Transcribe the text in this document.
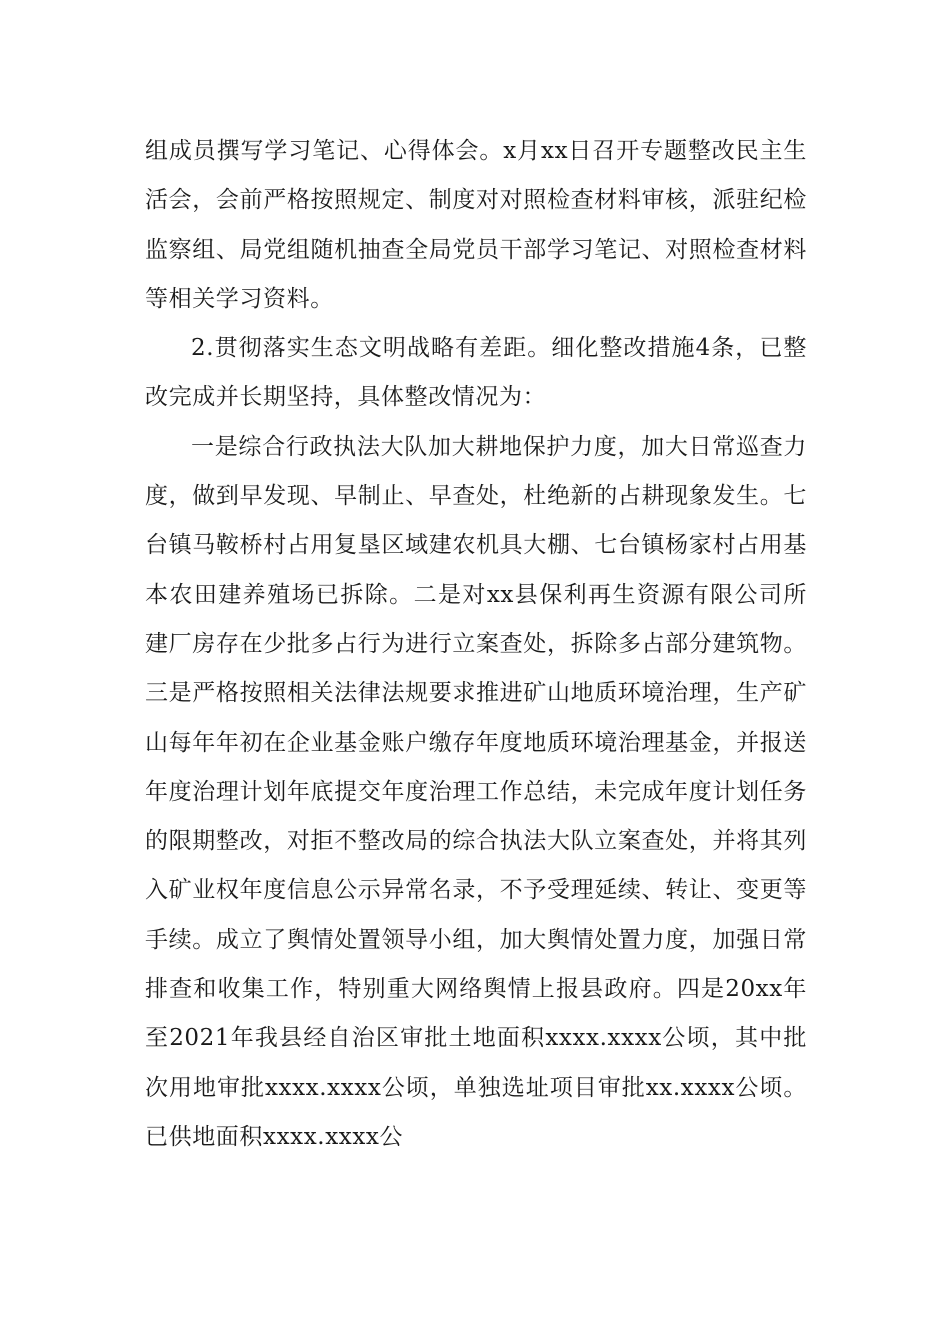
组成员撰写学习笔记、心得体会。x月xx日召开专题整改民主生活会，会前严格按照规定、制度对对照检查材料审核，派驻纪检监察组、局党组随机抽查全局党员干部学习笔记、对照检查材料等相关学习资料。

2.贯彻落实生态文明战略有差距。细化整改措施4条，已整改完成并长期坚持，具体整改情况为：

一是综合行政执法大队加大耕地保护力度，加大日常巡查力度，做到早发现、早制止、早查处，杜绝新的占耕现象发生。七台镇马鞍桥村占用复垦区域建农机具大棚、七台镇杨家村占用基本农田建养殖场已拆除。二是对xx县保利再生资源有限公司所建厂房存在少批多占行为进行立案查处，拆除多占部分建筑物。三是严格按照相关法律法规要求推进矿山地质环境治理，生产矿山每年年初在企业基金账户缴存年度地质环境治理基金，并报送年度治理计划年底提交年度治理工作总结，未完成年度计划任务的限期整改，对拒不整改局的综合执法大队立案查处，并将其列入矿业权年度信息公示异常名录，不予受理延续、转让、变更等手续。成立了舆情处置领导小组，加大舆情处置力度，加强日常排查和收集工作，特别重大网络舆情上报县政府。四是20xx年至2021年我县经自治区审批土地面积xxxx.xxxx公顷，其中批次用地审批xxxx.xxxx公顷，单独选址项目审批xx.xxxx公顷。已供地面积xxxx.xxxx公
